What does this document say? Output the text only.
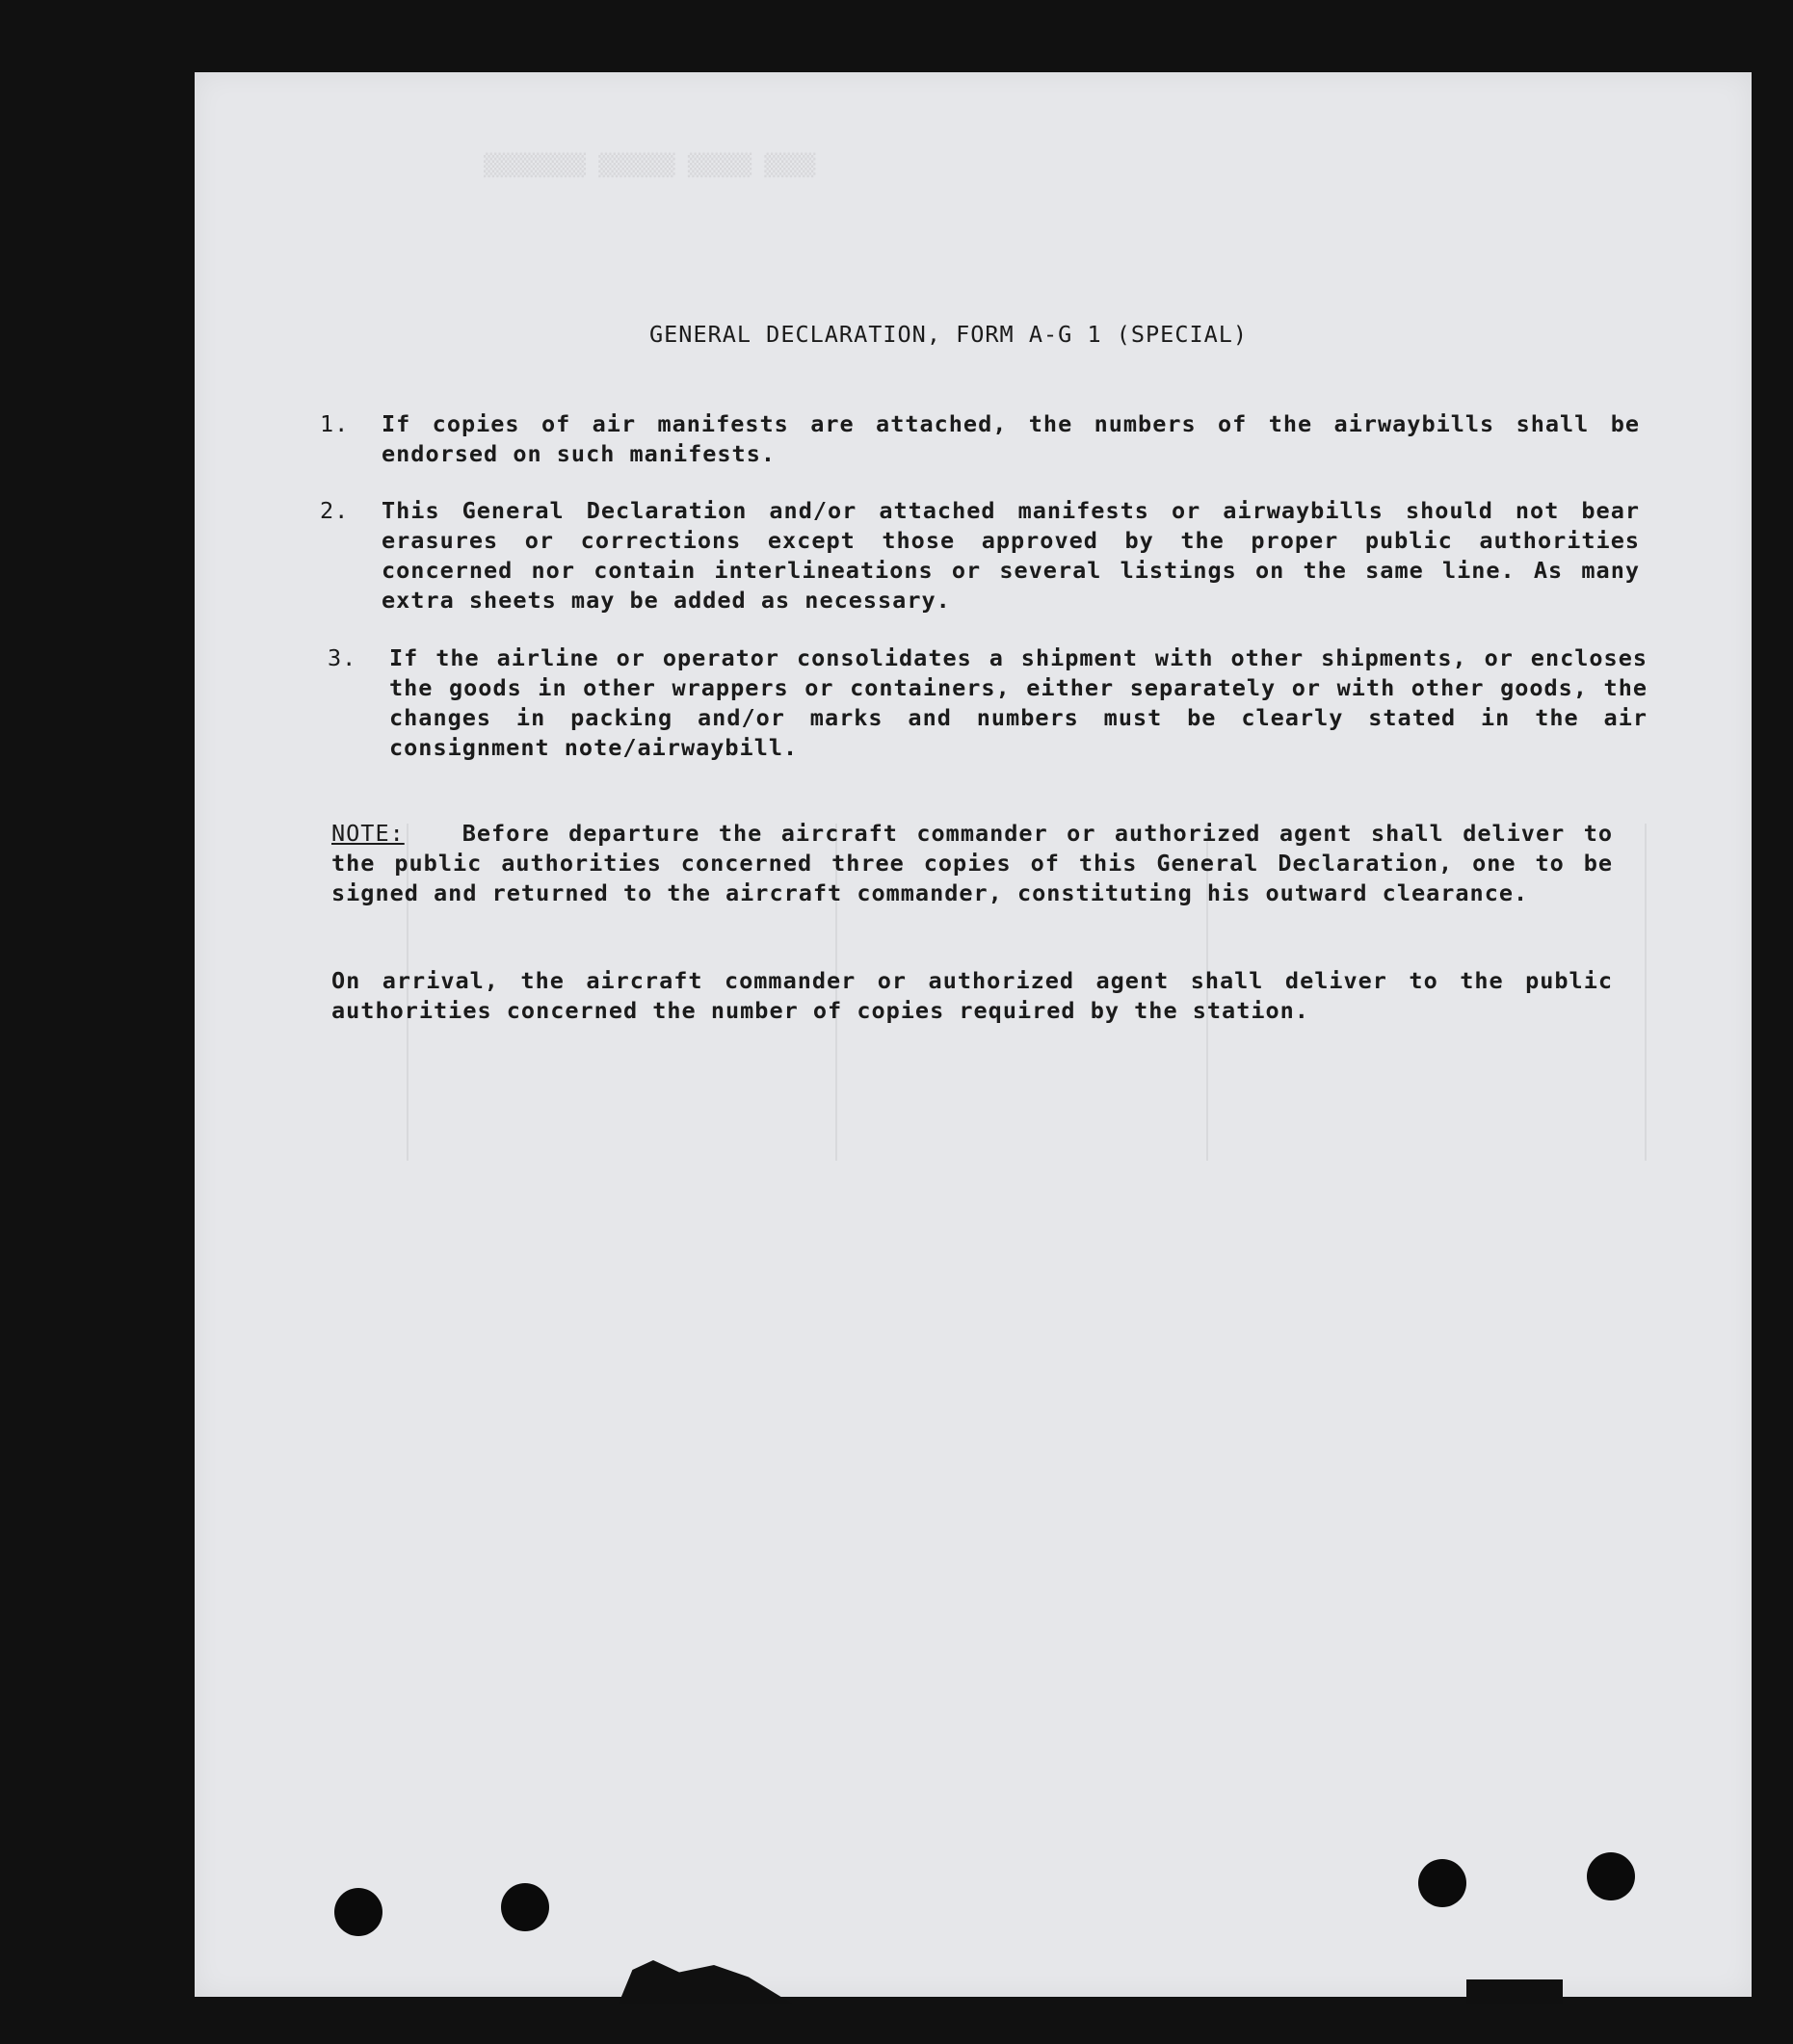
▒▒▒▒ ▒▒▒▒▒ ▒▒▒▒▒▒ ▒▒▒▒▒▒▒▒
GENERAL DECLARATION, FORM A-G 1 (SPECIAL)
1.	If copies of air manifests are attached, the numbers of the airwaybills shall be endorsed on such manifests.
2.	This General Declaration and/or attached manifests or airwaybills should not bear erasures or corrections except those approved by the proper public authorities concerned nor contain interlineations or several listings on the same line. As many extra sheets may be added as necessary.
3.	If the airline or operator consolidates a shipment with other shipments, or encloses the goods in other wrappers or containers, either separately or with other goods, the changes in packing and/or marks and numbers must be clearly stated in the air consignment note/airwaybill.
NOTE:	Before departure the aircraft commander or authorized agent shall deliver to the public authorities concerned three copies of this General Declaration, one to be signed and returned to the aircraft commander, constituting his outward clearance.
On arrival, the aircraft commander or authorized agent shall deliver to the public authorities concerned the number of copies required by the station.
